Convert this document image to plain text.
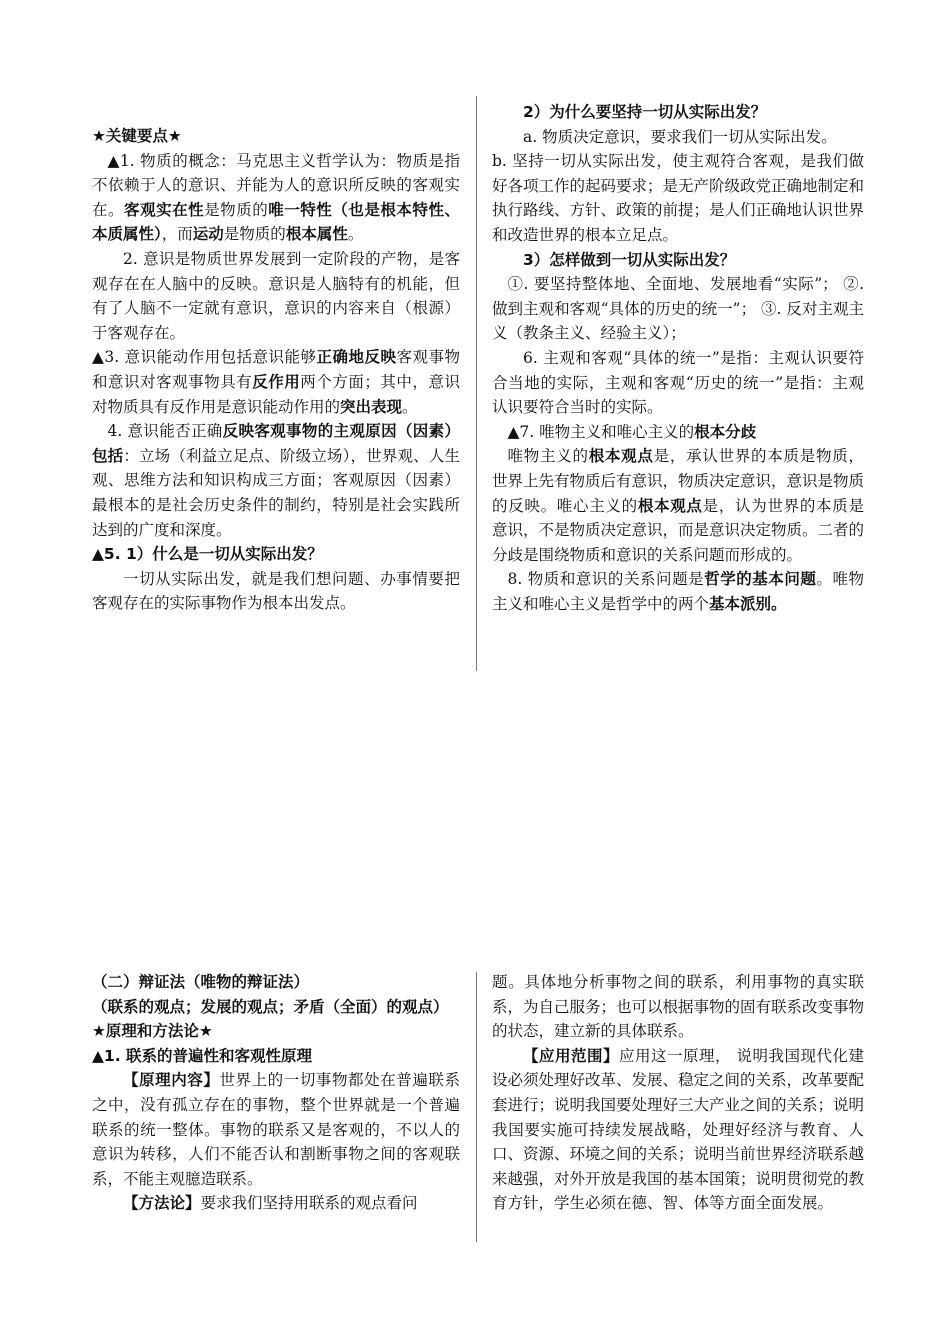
★关键要点★

▲1. 物质的概念：马克思主义哲学认为：物质是指不依赖于人的意识、并能为人的意识所反映的客观实在。客观实在性是物质的唯一特性（也是根本特性、本质属性），而运动是物质的根本属性。

2. 意识是物质世界发展到一定阶段的产物，是客观存在在人脑中的反映。意识是人脑特有的机能，但有了人脑不一定就有意识，意识的内容来自（根源）于客观存在。

▲3. 意识能动作用包括意识能够正确地反映客观事物和意识对客观事物具有反作用两个方面；其中，意识对物质具有反作用是意识能动作用的突出表现。

4. 意识能否正确反映客观事物的主观原因（因素）包括：立场（利益立足点、阶级立场），世界观、人生观、思维方法和知识构成三方面；客观原因（因素）最根本的是社会历史条件的制约，特别是社会实践所达到的广度和深度。

▲5. 1）什么是一切从实际出发？

一切从实际出发，就是我们想问题、办事情要把客观存在的实际事物作为根本出发点。

2）为什么要坚持一切从实际出发？

a. 物质决定意识，要求我们一切从实际出发。

b. 坚持一切从实际出发，使主观符合客观，是我们做好各项工作的起码要求；是无产阶级政党正确地制定和执行路线、方针、政策的前提；是人们正确地认识世界和改造世界的根本立足点。

3）怎样做到一切从实际出发？

①. 要坚持整体地、全面地、发展地看“实际”； ②. 做到主观和客观“具体的历史的统一”； ③. 反对主观主义（教条主义、经验主义）；

6. 主观和客观“具体的统一”是指：主观认识要符合当地的实际，主观和客观“历史的统一”是指：主观认识要符合当时的实际。

▲7. 唯物主义和唯心主义的根本分歧

唯物主义的根本观点是，承认世界的本质是物质，世界上先有物质后有意识，物质决定意识，意识是物质的反映。唯心主义的根本观点是，认为世界的本质是意识，不是物质决定意识，而是意识决定物质。二者的分歧是围绕物质和意识的关系问题而形成的。

8. 物质和意识的关系问题是哲学的基本问题。唯物主义和唯心主义是哲学中的两个基本派别。

（二）辩证法（唯物的辩证法）

（联系的观点；发展的观点；矛盾（全面）的观点）

★原理和方法论★

▲1. 联系的普遍性和客观性原理

【原理内容】世界上的一切事物都处在普遍联系之中，没有孤立存在的事物，整个世界就是一个普遍联系的统一整体。事物的联系又是客观的，不以人的意识为转移，人们不能否认和割断事物之间的客观联系，不能主观臆造联系。

【方法论】要求我们坚持用联系的观点看问

题。具体地分析事物之间的联系，利用事物的真实联系，为自己服务；也可以根据事物的固有联系改变事物的状态，建立新的具体联系。

【应用范围】应用这一原理， 说明我国现代化建设必须处理好改革、发展、稳定之间的关系，改革要配套进行；说明我国要处理好三大产业之间的关系；说明我国要实施可持续发展战略，处理好经济与教育、人口、资源、环境之间的关系；说明当前世界经济联系越来越强，对外开放是我国的基本国策；说明贯彻党的教育方针，学生必须在德、智、体等方面全面发展。
